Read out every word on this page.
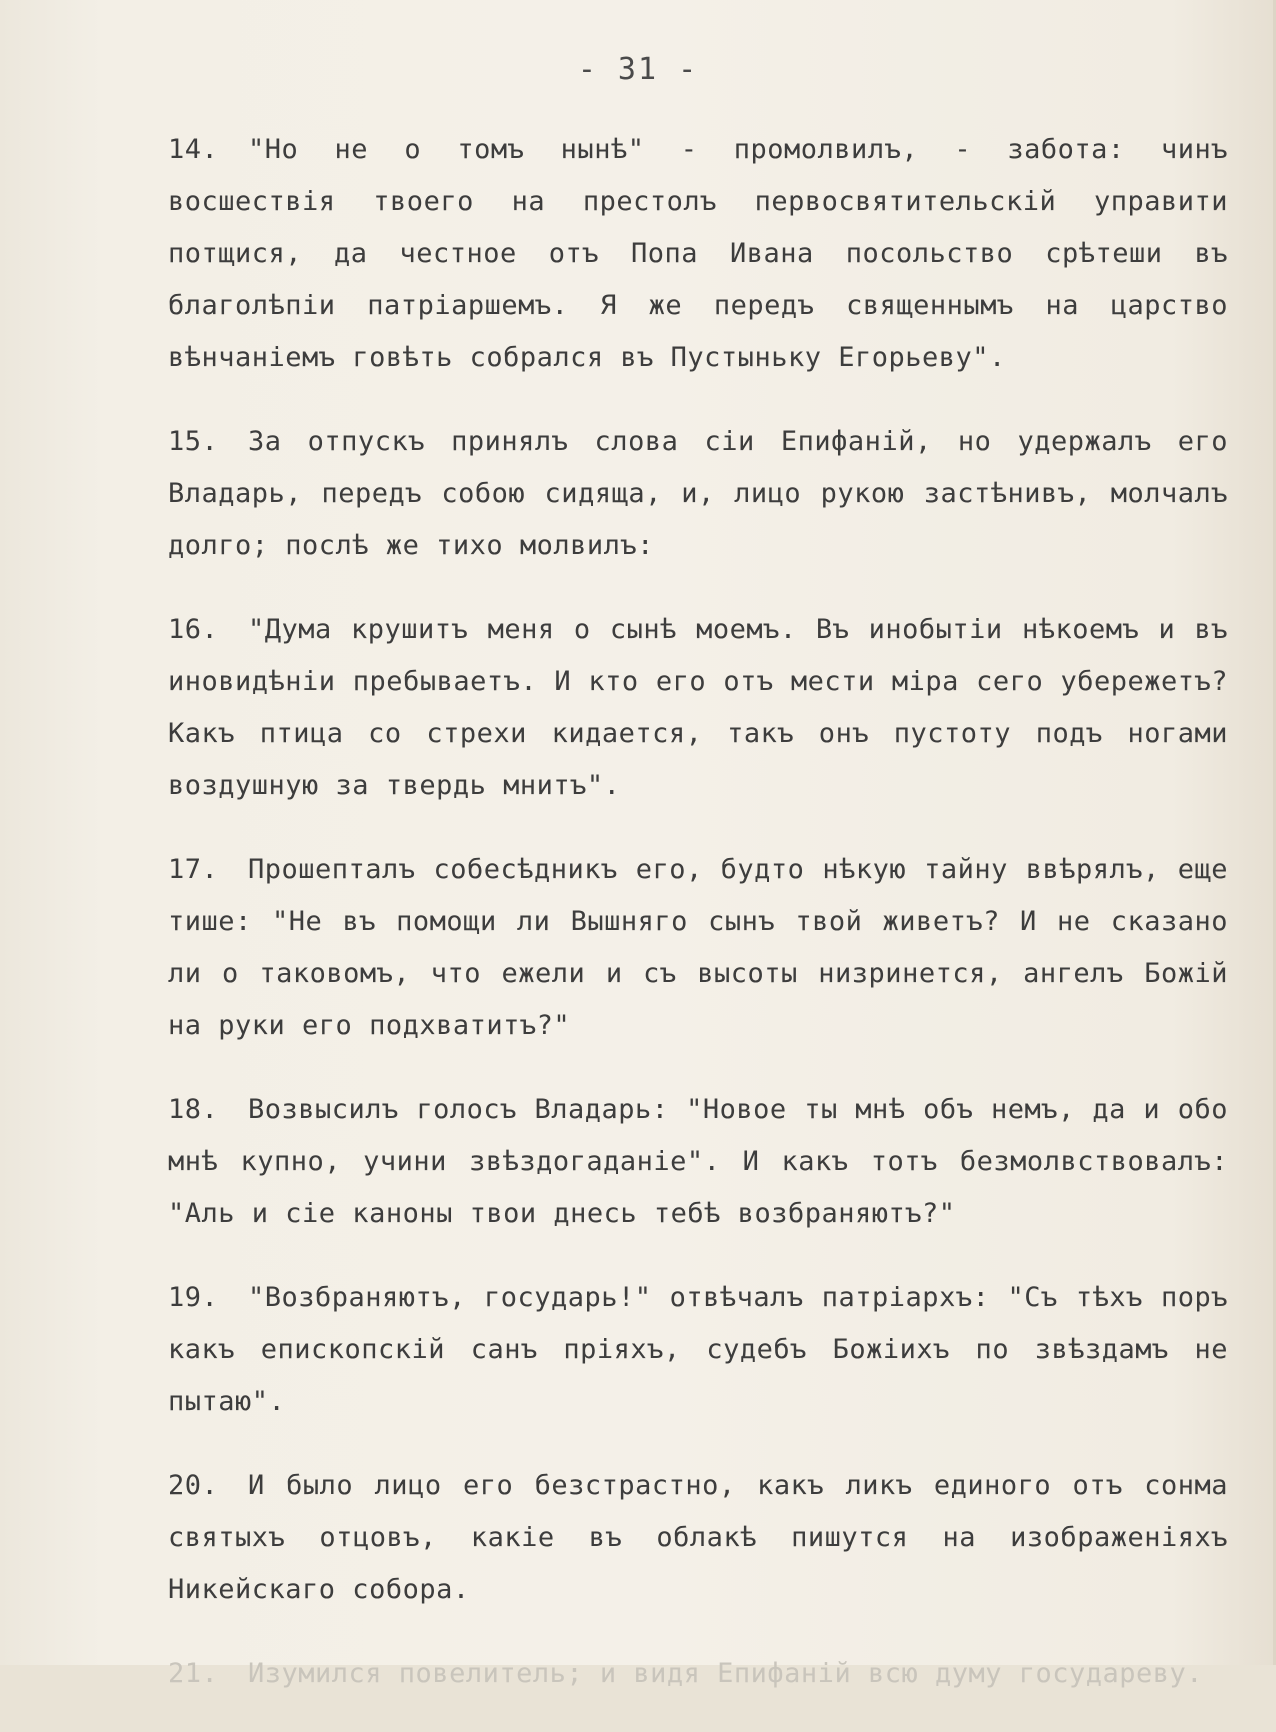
- 31 -

14. "Но не о томъ нынѣ" - промолвилъ, - забота: чинъ восшествія твоего на престолъ первосвятительскій управити потщися, да честное отъ Попа Ивана посольство срѣтеши въ благолѣпіи патріаршемъ. Я же передъ священнымъ на царство вѣнчаніемъ говѣть собрался въ Пустыньку Егорьеву".

15. За отпускъ принялъ слова сіи Епифаній, но удержалъ его Владарь, передъ собою сидяща, и, лицо рукою застѣнивъ, молчалъ долго; послѣ же тихо молвилъ:

16. "Дума крушитъ меня о сынѣ моемъ. Въ инобытіи нѣкоемъ и въ иновидѣніи пребываетъ. И кто его отъ мести міра сего убережетъ? Какъ птица со стрехи кидается, такъ онъ пустоту подъ ногами воздушную за твердь мнитъ".

17. Прошепталъ собесѣдникъ его, будто нѣкую тайну ввѣрялъ, еще тише: "Не въ помощи ли Вышняго сынъ твой живетъ? И не сказано ли о таковомъ, что ежели и съ высоты низринется, ангелъ Божій на руки его подхватитъ?"

18. Возвысилъ голосъ Владарь: "Новое ты мнѣ объ немъ, да и обо мнѣ купно, учини звѣздогаданіе". И какъ тотъ безмолвствовалъ: "Аль и сіе каноны твои днесь тебѣ возбраняютъ?"

19. "Возбраняютъ, государь!" отвѣчалъ патріархъ: "Съ тѣхъ поръ какъ епископскій санъ пріяхъ, судебъ Божіихъ по звѣздамъ не пытаю".

20. И было лицо его безстрастно, какъ ликъ единого отъ сонма святыхъ отцовъ, какіе въ облакѣ пишутся на изображеніяхъ Никейскаго собора.

21. Изумился повелитель; и видя Епифаній всю думу государеву.
